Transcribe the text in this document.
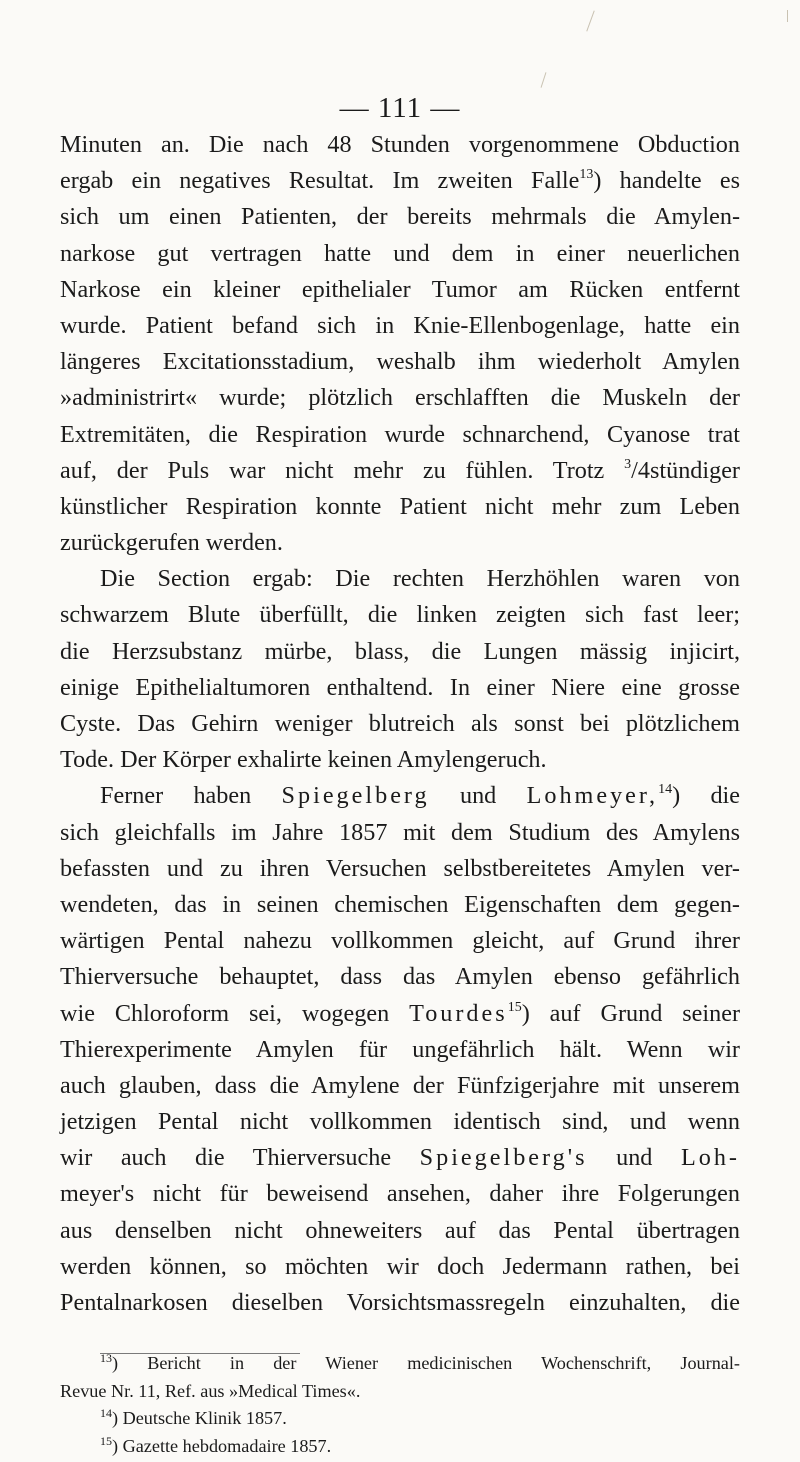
— 111 —
Minuten an. Die nach 48 Stunden vorgenommene Obduction
ergab ein negatives Resultat. Im zweiten Falle$^{13}$) handelte es
sich um einen Patienten, der bereits mehrmals die Amylen-
narkose gut vertragen hatte und dem in einer neuerlichen
Narkose ein kleiner epithelialer Tumor am Rücken entfernt
wurde. Patient befand sich in Knie-Ellenbogenlage, hatte ein
längeres Excitationsstadium, weshalb ihm wiederholt Amylen
»administrirt« wurde; plötzlich erschlafften die Muskeln der
Extremitäten, die Respiration wurde schnarchend, Cyanose trat
auf, der Puls war nicht mehr zu fühlen. Trotz $^3$/4stündiger
künstlicher Respiration konnte Patient nicht mehr zum Leben
zurückgerufen werden.
Die Section ergab: Die rechten Herzhöhlen waren von
schwarzem Blute überfüllt, die linken zeigten sich fast leer;
die Herzsubstanz mürbe, blass, die Lungen mässig injicirt,
einige Epithelialtumoren enthaltend. In einer Niere eine grosse
Cyste. Das Gehirn weniger blutreich als sonst bei plötzlichem
Tode. Der Körper exhalirte keinen Amylengeruch.
Ferner haben Spiegelberg und Lohmeyer,$^{14}$) die
sich gleichfalls im Jahre 1857 mit dem Studium des Amylens
befassten und zu ihren Versuchen selbstbereitetes Amylen ver-
wendeten, das in seinen chemischen Eigenschaften dem gegen-
wärtigen Pental nahezu vollkommen gleicht, auf Grund ihrer
Thierversuche behauptet, dass das Amylen ebenso gefährlich
wie Chloroform sei, wogegen Tourdes$^{15}$) auf Grund seiner
Thierexperimente Amylen für ungefährlich hält. Wenn wir
auch glauben, dass die Amylene der Fünfzigerjahre mit unserem
jetzigen Pental nicht vollkommen identisch sind, und wenn
wir auch die Thierversuche Spiegelberg's und Loh-
meyer's nicht für beweisend ansehen, daher ihre Folgerungen
aus denselben nicht ohneweiters auf das Pental übertragen
werden können, so möchten wir doch Jedermann rathen, bei
Pentalnarkosen dieselben Vorsichtsmassregeln einzuhalten, die
$^{13}$) Bericht in der Wiener medicinischen Wochenschrift, Journal-
Revue Nr. 11, Ref. aus »Medical Times«.
$^{14}$) Deutsche Klinik 1857.
$^{15}$) Gazette hebdomadaire 1857.
